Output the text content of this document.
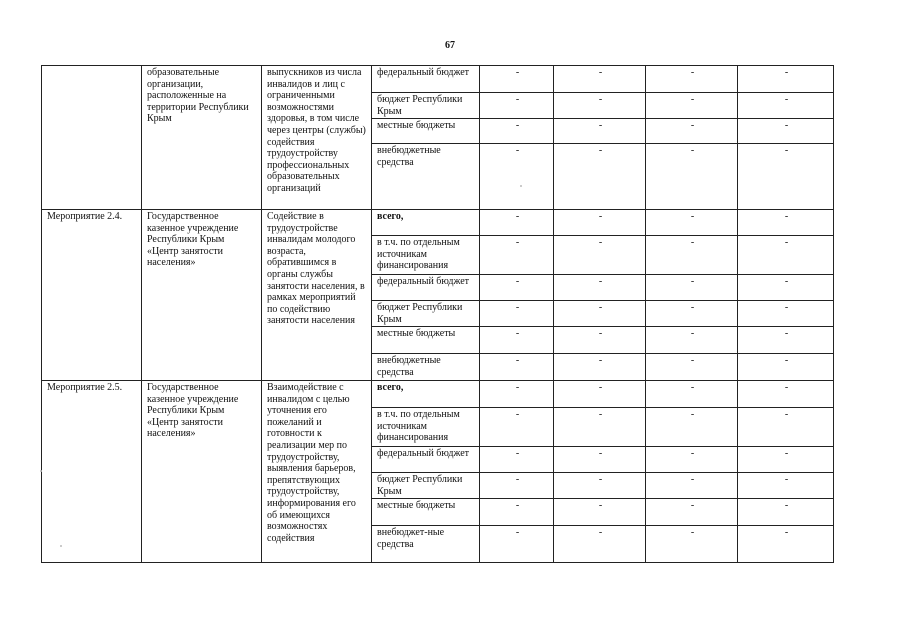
67
	образовательные организации, расположенные на территории Республики Крым	выпускников из числа инвалидов и лиц с ограниченными возможностями здоровья, в том числе через центры (службы) содействия трудоустройству профессиональных образовательных организаций	федеральный бюджет	-	-	-	-
			бюджет Республики Крым	-	-	-	-
			местные бюджеты	-	-	-	-
			внебюджетные средства	-	-	-	-
Мероприятие 2.4.	Государственное казенное учреждение Республики Крым «Центр занятости населения»	Содействие в трудоустройстве инвалидам молодого возраста, обратившимся в органы службы занятости населения, в рамках мероприятий по содействию занятости населения	всего,	-	-	-	-
			в т.ч. по отдельным источникам финансирования	-	-	-	-
			федеральный бюджет	-	-	-	-
			бюджет Республики Крым	-	-	-	-
			местные бюджеты	-	-	-	-
			внебюджетные средства	-	-	-	-
Мероприятие 2.5.	Государственное казенное учреждение Республики Крым «Центр занятости населения»	Взаимодействие с инвалидом с целью уточнения его пожеланий и готовности к реализации мер по трудоустройству, выявления барьеров, препятствующих трудоустройству, информирования его об имеющихся возможностях содействия	всего,	-	-	-	-
			в т.ч. по отдельным источникам финансирования	-	-	-	-
			федеральный бюджет	-	-	-	-
			бюджет Республики Крым	-	-	-	-
			местные бюджеты	-	-	-	-
			внебюджет-ные средства	-	-	-	-
